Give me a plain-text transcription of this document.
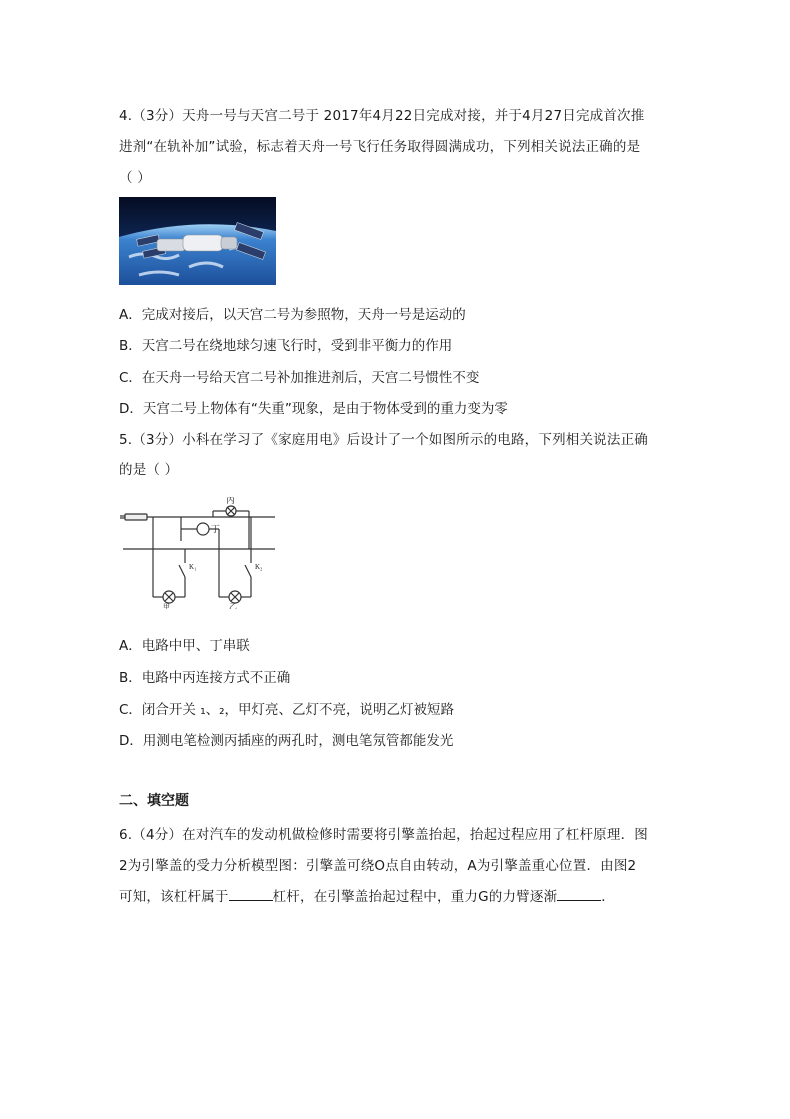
4.（3分）天舟一号与天宫二号于 2017年4月22日完成对接，并于4月27日完成首次推
进剂“在轨补加”试验，标志着天舟一号飞行任务取得圆满成功，下列相关说法正确的是
（ ）
A．完成对接后，以天宫二号为参照物，天舟一号是运动的
B．天宫二号在绕地球匀速飞行时，受到非平衡力的作用
C．在天舟一号给天宫二号补加推进剂后，天宫二号惯性不变
D．天宫二号上物体有“失重”现象，是由于物体受到的重力变为零
5.（3分）小科在学习了《家庭用电》后设计了一个如图所示的电路，下列相关说法正确
的是（ ）
丙
丁
K₁	K₂
甲	乙
A．电路中甲、丁串联
B．电路中丙连接方式不正确
C．闭合开关 ₁、₂，甲灯亮、乙灯不亮，说明乙灯被短路
D．用测电笔检测丙插座的两孔时，测电笔氖管都能发光
二、填空题
6.（4分）在对汽车的发动机做检修时需要将引擎盖抬起，抬起过程应用了杠杆原理．图
2为引擎盖的受力分析模型图：引擎盖可绕O点自由转动，A为引擎盖重心位置．由图2
可知，该杠杆属于	杠杆，在引擎盖抬起过程中，重力G的力臂逐渐	．
